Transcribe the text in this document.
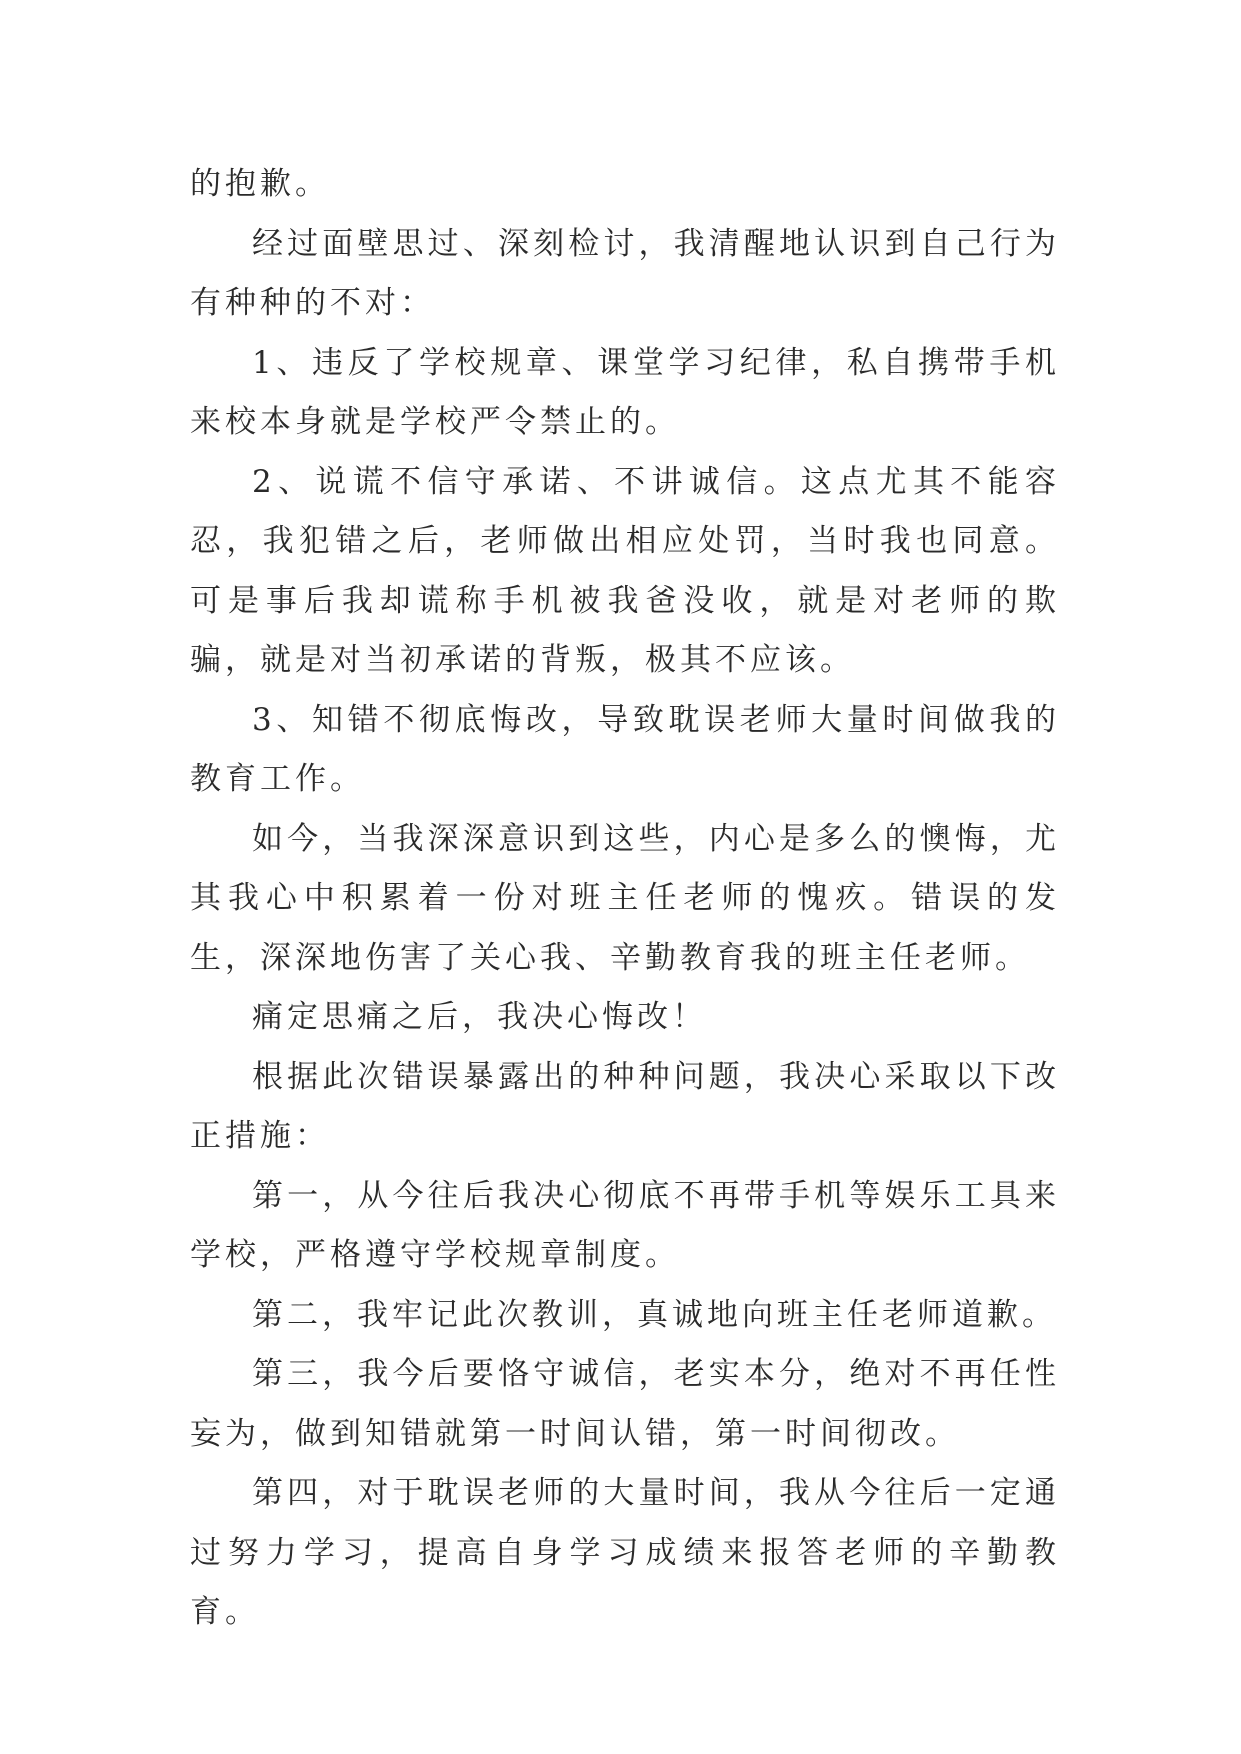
的抱歉。

经过面壁思过、深刻检讨，我清醒地认识到自己行为有种种的不对：

1、违反了学校规章、课堂学习纪律，私自携带手机来校本身就是学校严令禁止的。

2、说谎不信守承诺、不讲诚信。这点尤其不能容忍，我犯错之后，老师做出相应处罚，当时我也同意。可是事后我却谎称手机被我爸没收，就是对老师的欺骗，就是对当初承诺的背叛，极其不应该。

3、知错不彻底悔改，导致耽误老师大量时间做我的教育工作。

如今，当我深深意识到这些，内心是多么的懊悔，尤其我心中积累着一份对班主任老师的愧疚。错误的发生，深深地伤害了关心我、辛勤教育我的班主任老师。

痛定思痛之后，我决心悔改！

根据此次错误暴露出的种种问题，我决心采取以下改正措施：

第一，从今往后我决心彻底不再带手机等娱乐工具来学校，严格遵守学校规章制度。

第二，我牢记此次教训，真诚地向班主任老师道歉。

第三，我今后要恪守诚信，老实本分，绝对不再任性妄为，做到知错就第一时间认错，第一时间彻改。

第四，对于耽误老师的大量时间，我从今往后一定通过努力学习，提高自身学习成绩来报答老师的辛勤教育。
